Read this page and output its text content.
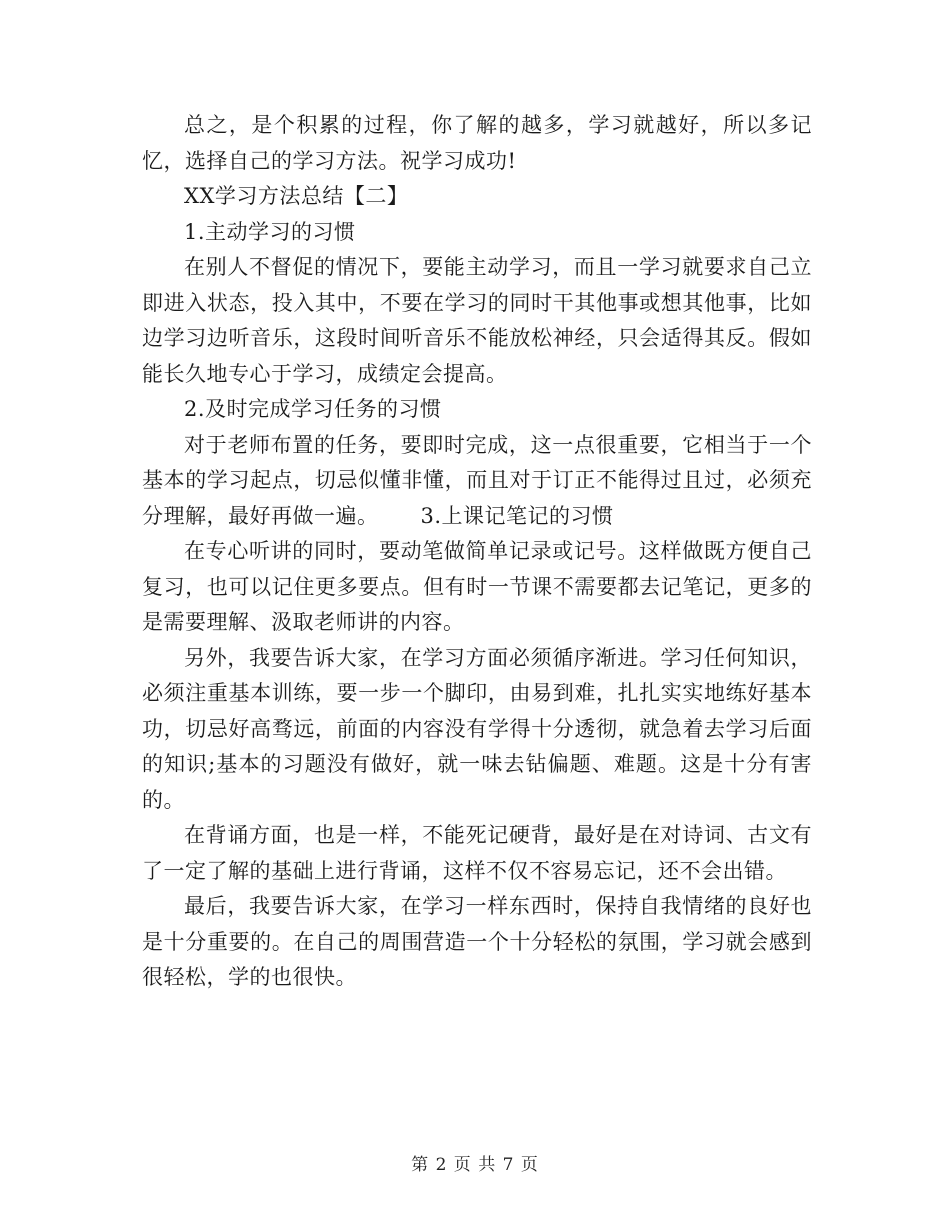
总之，是个积累的过程，你了解的越多，学习就越好，所以多记忆，选择自己的学习方法。祝学习成功!

XX学习方法总结【二】

1.主动学习的习惯

在别人不督促的情况下，要能主动学习，而且一学习就要求自己立即进入状态，投入其中，不要在学习的同时干其他事或想其他事，比如边学习边听音乐，这段时间听音乐不能放松神经，只会适得其反。假如能长久地专心于学习，成绩定会提高。

2.及时完成学习任务的习惯

对于老师布置的任务，要即时完成，这一点很重要，它相当于一个基本的学习起点，切忌似懂非懂，而且对于订正不能得过且过，必须充分理解，最好再做一遍。 3.上课记笔记的习惯

在专心听讲的同时，要动笔做简单记录或记号。这样做既方便自己复习，也可以记住更多要点。但有时一节课不需要都去记笔记，更多的是需要理解、汲取老师讲的内容。

另外，我要告诉大家，在学习方面必须循序渐进。学习任何知识，必须注重基本训练，要一步一个脚印，由易到难，扎扎实实地练好基本功，切忌好高骛远，前面的内容没有学得十分透彻，就急着去学习后面的知识;基本的习题没有做好，就一味去钻偏题、难题。这是十分有害的。

在背诵方面，也是一样，不能死记硬背，最好是在对诗词、古文有了一定了解的基础上进行背诵，这样不仅不容易忘记，还不会出错。

最后，我要告诉大家，在学习一样东西时，保持自我情绪的良好也是十分重要的。在自己的周围营造一个十分轻松的氛围，学习就会感到很轻松，学的也很快。

第 2 页 共 7 页
